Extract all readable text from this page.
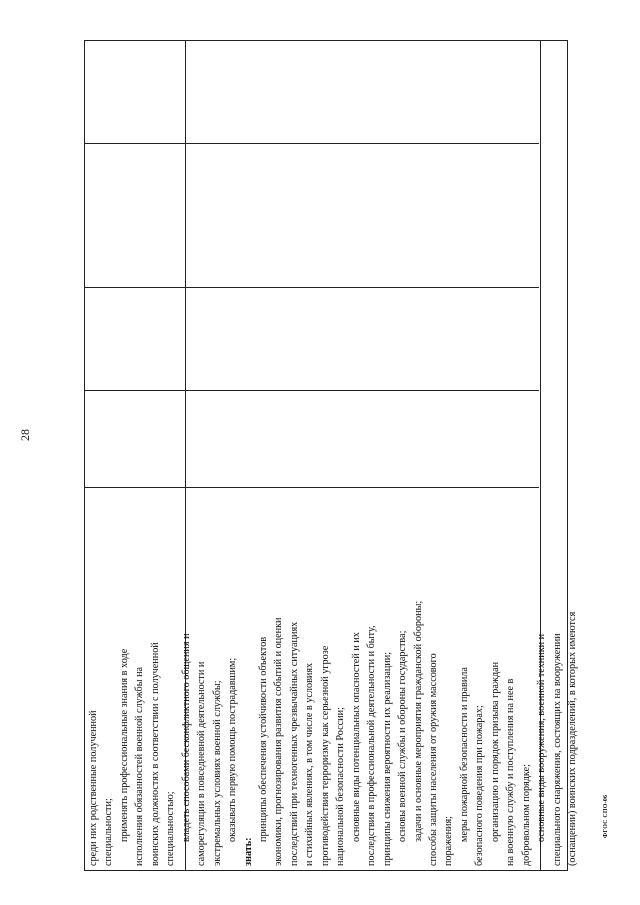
28
среди них родственные полученной специальности; применять профессиональные знания в ходе исполнения обязанностей военной службы на воинских должностях в соответствии с полученной специальностью; владеть способами бесконфликтного общения и саморегуляции в повседневной деятельности и экстремальных условиях военной службы; оказывать первую помощь пострадавшим;
знать:
принципы обеспечения устойчивости объектов экономики, прогнозирования развития событий и оценки последствий при техногенных чрезвычайных ситуациях и стихийных явлениях, в том числе в условиях противодействия терроризму как серьезной угрозе национальной безопасности России; основные виды потенциальных опасностей и их последствия в профессиональной деятельности и быту, принципы снижения вероятности их реализации; основы военной службы и обороны государства; задачи и основные мероприятия гражданской обороны; способы защиты населения от оружия массового поражения; меры пожарной безопасности и правила безопасного поведения при пожарах; организацию и порядок призыва граждан на военную службу и поступления на нее в добровольном порядке; основные виды вооружения, военной техники и специального снаряжения, состоящих на вооружении (оснащении) воинских подразделений, в которых имеются	ФГОС СПО-06
